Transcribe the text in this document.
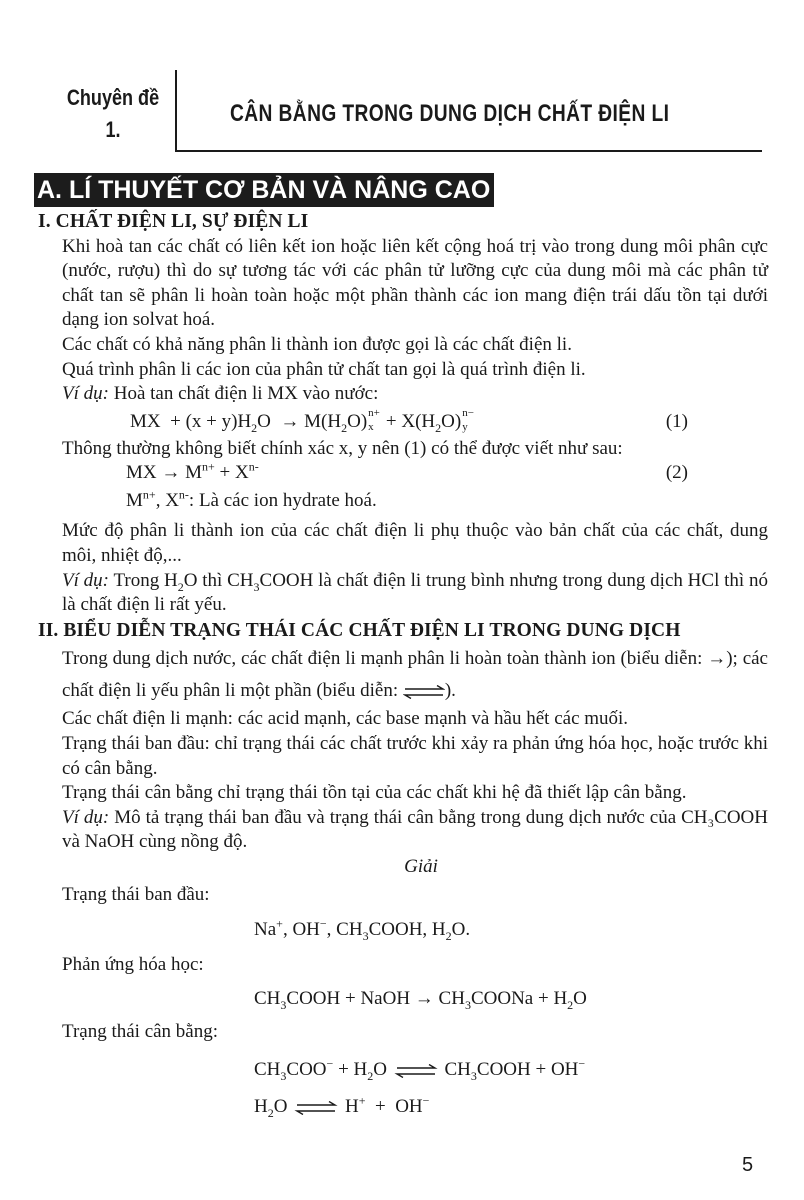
Chuyên đề
1.
CÂN BẰNG TRONG DUNG DỊCH CHẤT ĐIỆN LI
A. LÍ THUYẾT CƠ BẢN VÀ NÂNG CAO
I. CHẤT ĐIỆN LI, SỰ ĐIỆN LI
Khi hoà tan các chất có liên kết ion hoặc liên kết cộng hoá trị vào trong dung môi phân cực (nước, rượu) thì do sự tương tác với các phân tử lưỡng cực của dung môi mà các phân tử chất tan sẽ phân li hoàn toàn hoặc một phần thành các ion mang điện trái dấu tồn tại dưới dạng ion solvat hoá.
Các chất có khả năng phân li thành ion được gọi là các chất điện li.
Quá trình phân li các ion của phân tử chất tan gọi là quá trình điện li.
Ví dụ: Hoà tan chất điện li MX vào nước:
MX  + $(x + y)H_2O \to M(H_2O)$ n+
$x + X(H_2O)$ n−
y	(1)
Thông thường không biết chính xác x, y nên (1) có thể được viết như sau:
MX → $M^{n+} + X^{n-}$	(2)
$M^{n+}$, $X^{n-}$: Là các ion hydrate hoá.
Mức độ phân li thành ion của các chất điện li phụ thuộc vào bản chất của các chất, dung môi, nhiệt độ,...
Ví dụ: Trong $H_2O$ thì $CH_3COOH$ là chất điện li trung bình nhưng trong dung dịch HCl thì nó là chất điện li rất yếu.
II. BIỂU DIỄN TRẠNG THÁI CÁC CHẤT ĐIỆN LI TRONG DUNG DỊCH
Trong dung dịch nước, các chất điện li mạnh phân li hoàn toàn thành ion (biểu diễn: →); các chất điện li yếu phân li một phần (biểu diễn: ⇌).
Các chất điện li mạnh: các acid mạnh, các base mạnh và hầu hết các muối.
Trạng thái ban đầu: chỉ trạng thái các chất trước khi xảy ra phản ứng hóa học, hoặc trước khi có cân bằng.
Trạng thái cân bằng chỉ trạng thái tồn tại của các chất khi hệ đã thiết lập cân bằng.
Ví dụ: Mô tả trạng thái ban đầu và trạng thái cân bằng trong dung dịch nước của CH₃COOH và NaOH cùng nồng độ.
Giải
Trạng thái ban đầu:
Na+, OH−, $CH_3COOH$, $H_2O$.
Phản ứng hóa học:
$CH_3COOH$ + NaOH → $CH_3COONa + H_2O$
Trạng thái cân bằng:
$CH_3COO^- + H_2O$ ⇌ $CH_3COOH + OH^-$
$H_2O$ ⇌ H+  +  OH−
5
